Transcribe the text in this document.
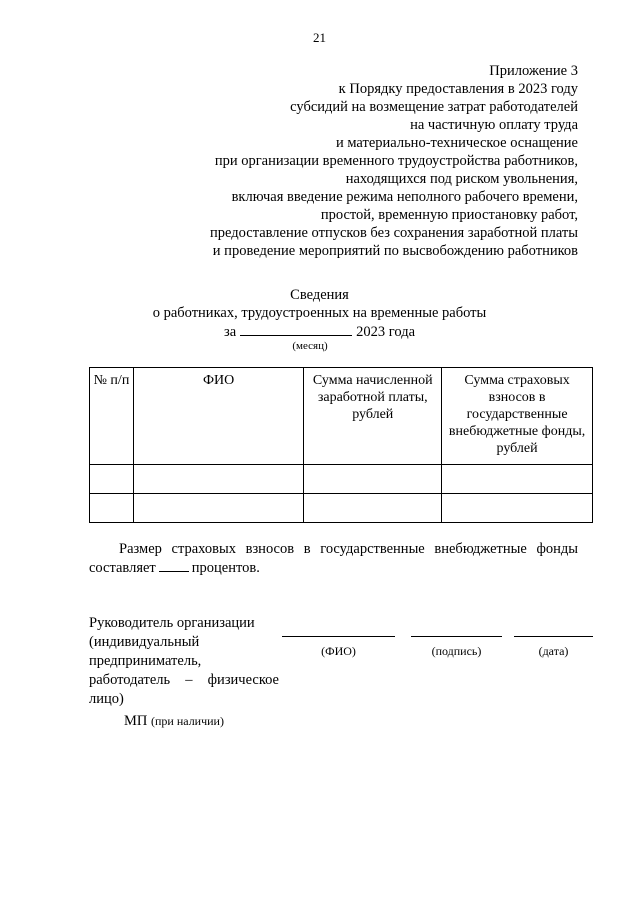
21
Приложение 3
к Порядку предоставления в 2023 году
субсидий на возмещение затрат работодателей
на частичную оплату труда
и материально-техническое оснащение
при организации временного трудоустройства работников,
находящихся под риском увольнения,
включая введение режима неполного рабочего времени,
простой, временную приостановку работ,
предоставление отпусков без сохранения заработной платы
и проведение мероприятий по высвобождению работников
Сведения
о работниках, трудоустроенных на временные работы
за	2023 года
(месяц)
№ п/п	ФИО	Сумма начисленной заработной платы, рублей	Сумма страховых взносов в государственные внебюджетные фонды, рублей

Размер страховых взносов в государственные внебюджетные фонды
составляет процентов.
Руководитель организации
(индивидуальный
предприниматель,
работодатель – физическое
лицо)
(ФИО)	(подпись)	(дата)
МП (при наличии)
